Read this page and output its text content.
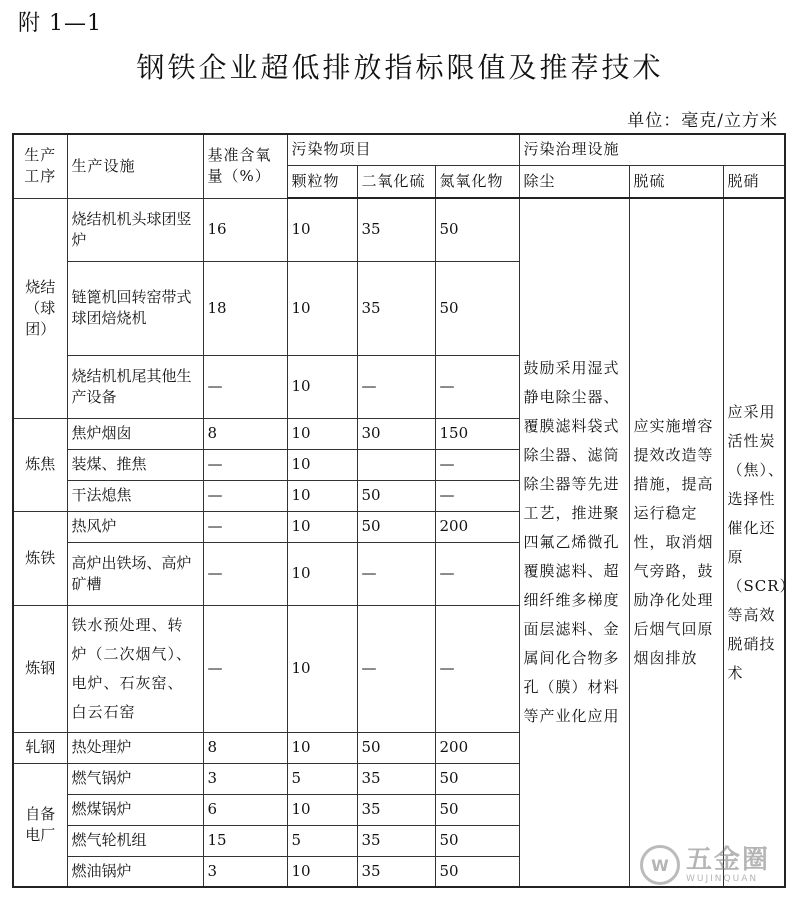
附 1—1
钢铁企业超低排放指标限值及推荐技术
单位：毫克/立方米
生产工序	生产设施	基准含氧量（%）	污染物项目			污染治理设施		
			颗粒物	二氧化硫	氮氧化物	除尘	脱硫	脱硝
烧结（球团）	烧结机机头球团竖炉	16	10	35	50	鼓励采用湿式静电除尘器、覆膜滤料袋式除尘器、滤筒除尘器等先进工艺，推进聚四氟乙烯微孔覆膜滤料、超细纤维多梯度面层滤料、金属间化合物多孔（膜）材料等产业化应用	应实施增容提效改造等措施，提高运行稳定性，取消烟气旁路，鼓励净化处理后烟气回原烟囱排放	应采用活性炭（焦）、选择性催化还原（SCR）等高效脱硝技术
	链篦机回转窑带式球团焙烧机	18	10	35	50			
	烧结机机尾其他生产设备	—	10	—	—			
炼焦	焦炉烟囱	8	10	30	150			
	装煤、推焦	—	10		—			
	干法熄焦	—	10	50	—			
炼铁	热风炉	—	10	50	200			
	高炉出铁场、高炉矿槽	—	10	—	—			
炼钢	铁水预处理、转炉（二次烟气）、电炉、石灰窑、白云石窑	—	10	—	—			
轧钢	热处理炉	8	10	50	200			
自备电厂	燃气锅炉	3	5	35	50			
	燃煤锅炉	6	10	35	50			
	燃气轮机组	15	5	35	50			
	燃油锅炉	3	10	35	50				W 五金圈
WUJINQUAN
